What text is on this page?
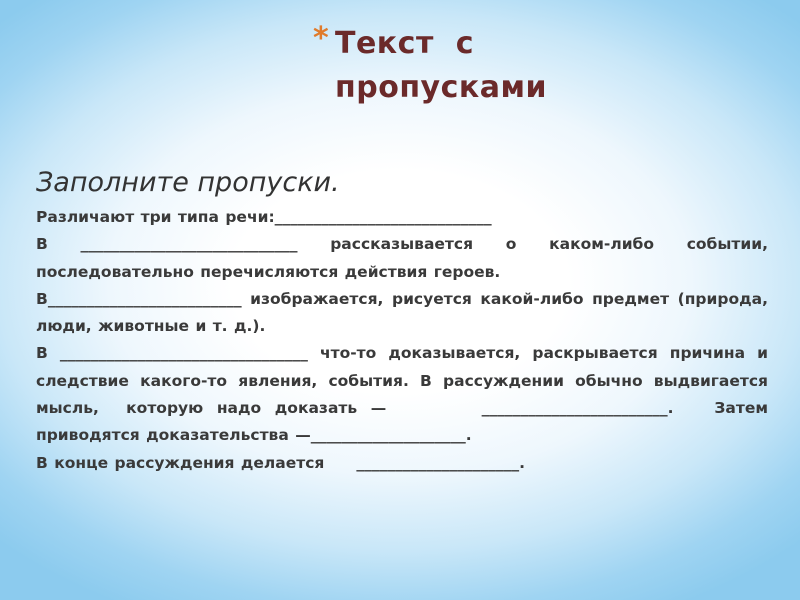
* Текст  с
пропусками
Заполните пропуски.

Различают три типа речи:____________________________

В ____________________________ рассказывается о каком-либо событии, последовательно перечисляются действия героев.

В_________________________ изображается, рисуется какой-либо предмет (природа, люди, животные и т. д.).

В ________________________________ что-то доказывается, раскрывается причина и следствие какого-то явления, события. В рассуждении обычно выдвигается мысль,  которую надо доказать —       ________________________.   Затем приводятся доказательства —____________________.

В конце рассуждения делается     _____________________.
